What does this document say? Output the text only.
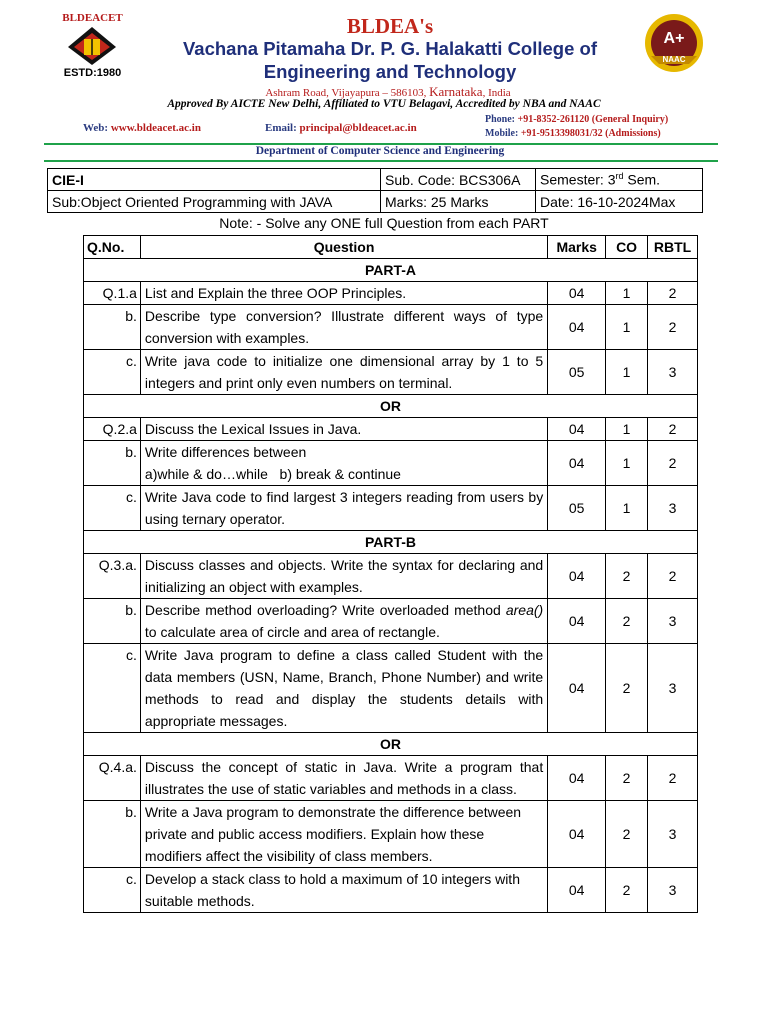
BLDEACET
ESTD:1980
A+
NAAC
BLDEA's
Vachana Pitamaha Dr. P. G. Halakatti College of
Engineering and Technology
Ashram Road, Vijayapura – 586103, Karnataka, India
Approved By AICTE New Delhi, Affiliated to VTU Belagavi, Accredited by NBA and NAAC
Web: www.bldeacet.ac.in	Email: principal@bldeacet.ac.in
Phone: +91-8352-261120 (General Inquiry)
Mobile: +91-9513398031/32 (Admissions)
Department of Computer Science and Engineering
CIE-I	Sub. Code: BCS306A	Semester: 3rd Sem.
Sub:Object Oriented Programming with JAVA	Marks: 25 Marks	Date: 16-10-2024Max
Note: - Solve any ONE full Question from each PART
Q.No.	Question	Marks	CO	RBTL
PART-A				
Q.1.a	List and Explain the three OOP Principles.	04	1	2
b.	Describe type conversion? Illustrate different ways of type conversion with examples.	04	1	2
c.	Write java code to initialize one dimensional array by 1 to 5 integers and print only even numbers on terminal.	05	1	3
OR				
Q.2.a	Discuss the Lexical Issues in Java.	04	1	2
b.	Write differences between
a)while & do…while   b) break & continue	04	1	2
c.	Write Java code to find largest 3 integers reading from users by using ternary operator.	05	1	3
PART-B				
Q.3.a.	Discuss classes and objects. Write the syntax for declaring and initializing an object with examples.	04	2	2
b.	Describe method overloading? Write overloaded method area() to calculate area of circle and area of rectangle.	04	2	3
c.	Write Java program to define a class called Student with the data members (USN, Name, Branch, Phone Number) and write methods to read and display the students details with appropriate messages.	04	2	3
OR				
Q.4.a.	Discuss the concept of static in Java. Write a program that illustrates the use of static variables and methods in a class.	04	2	2
b.	Write a Java program to demonstrate the difference between private and public access modifiers. Explain how these modifiers affect the visibility of class members.	04	2	3
c.	Develop a stack class to hold a maximum of 10 integers with suitable methods.	04	2	3
